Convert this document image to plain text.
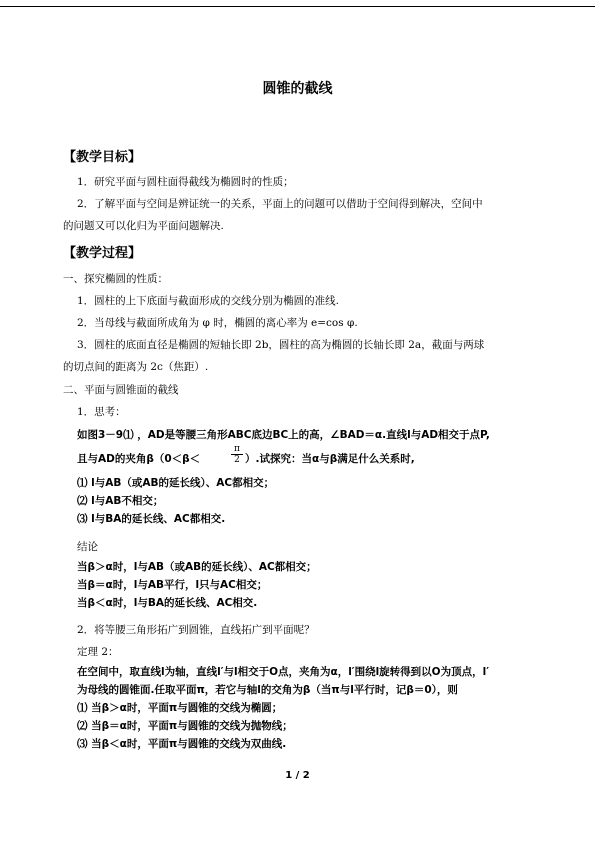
圆锥的截线
【教学目标】
1．研究平面与圆柱面得截线为椭圆时的性质；
2．了解平面与空间是辨证统一的关系，平面上的问题可以借助于空间得到解决，空间中
的问题又可以化归为平面问题解决.
【教学过程】
一、探究椭圆的性质：
1．圆柱的上下底面与截面形成的交线分别为椭圆的准线.
2．当母线与截面所成角为 φ 时，椭圆的离心率为 e=cos φ.
3．圆柱的底面直径是椭圆的短轴长即 2b，圆柱的高为椭圆的长轴长即 2a，截面与两球
的切点间的距离为 2c（焦距）.
二、平面与圆锥面的截线
1．思考：
如图3－9⑴ ，AD是等腰三角形ABC底边BC上的高，∠BAD＝α.直线l与AD相交于点P,
且与AD的夹角β（0＜β＜	$\frac{\pi}{2}$ ）.试探究：当α与β满足什么关系时,
⑴ l与AB（或AB的延长线）、AC都相交；
⑵ l与AB不相交；
⑶ l与BA的延长线、AC都相交.
结论
当β＞α时，l与AB（或AB的延长线）、AC都相交；
当β＝α时，l与AB平行，l只与AC相交；
当β＜α时，l与BA的延长线、AC相交.
2．将等腰三角形拓广到圆锥，直线拓广到平面呢？
定理 2：
在空间中，取直线l为轴，直线l′与l相交于O点，夹角为α，l′围绕l旋转得到以O为顶点，l′
为母线的圆锥面.任取平面π，若它与轴l的交角为β（当π与l平行时，记β＝0），则
⑴ 当β＞α时，平面π与圆锥的交线为椭圆；
⑵ 当β＝α时，平面π与圆锥的交线为抛物线；
⑶ 当β＜α时，平面π与圆锥的交线为双曲线.
1 / 2
